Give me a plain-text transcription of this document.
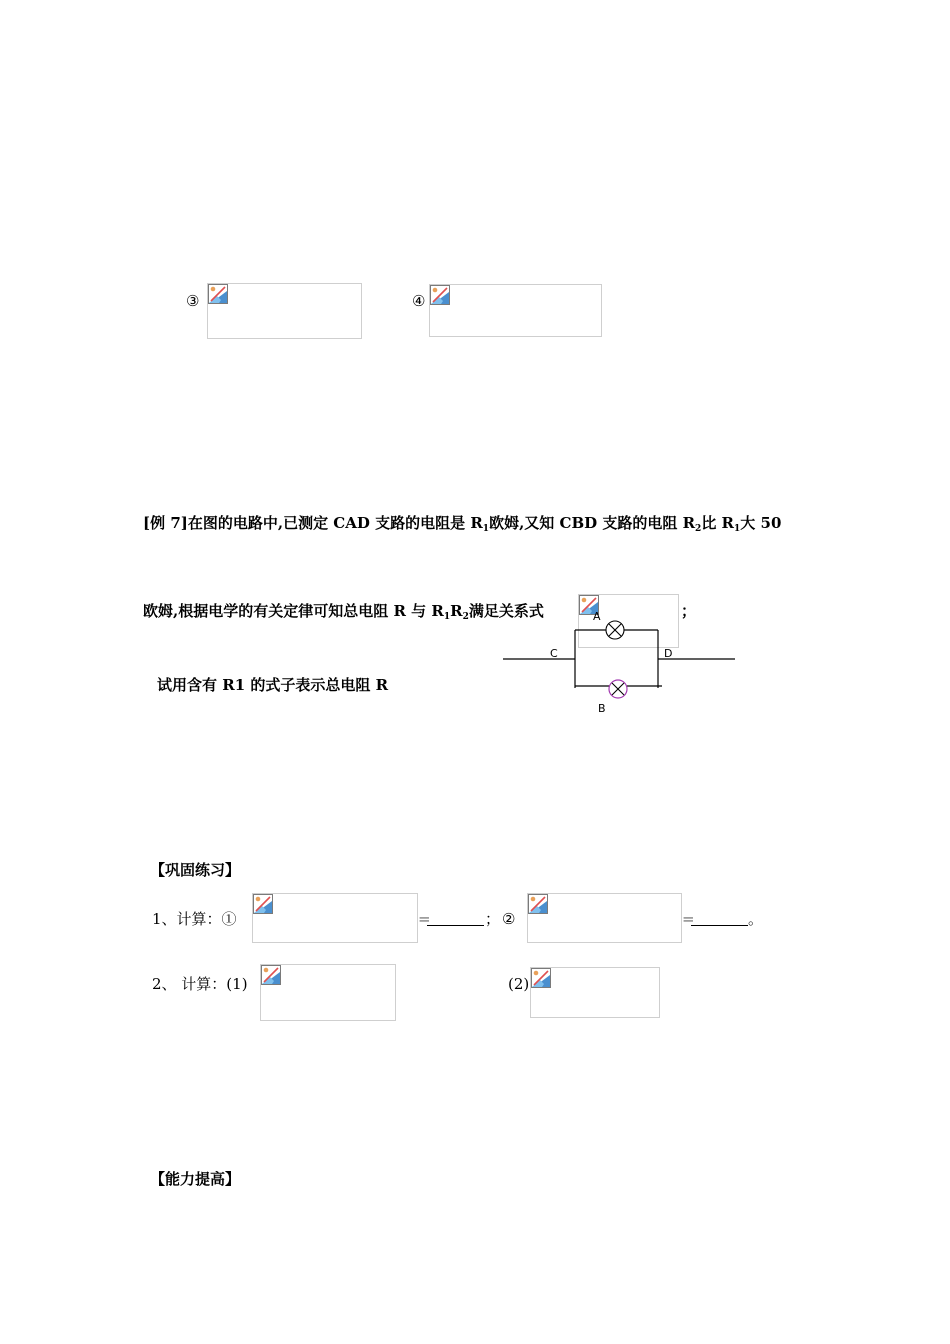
③	④
[例 7]在图的电路中,已测定 CAD 支路的电阻是 $R_1$欧姆,又知 CBD 支路的电阻 $R_2$比 $R_1$大 50
欧姆,根据电学的有关定律可知总电阻 R 与 $R_1R_2$满足关系式	；
试用含有 R1 的式子表示总电阻 R
A
C	D
B
【巩固练习】
1、计算：①	=	； ②	=	。
2、 计算：(1)	(2)
【能力提高】
